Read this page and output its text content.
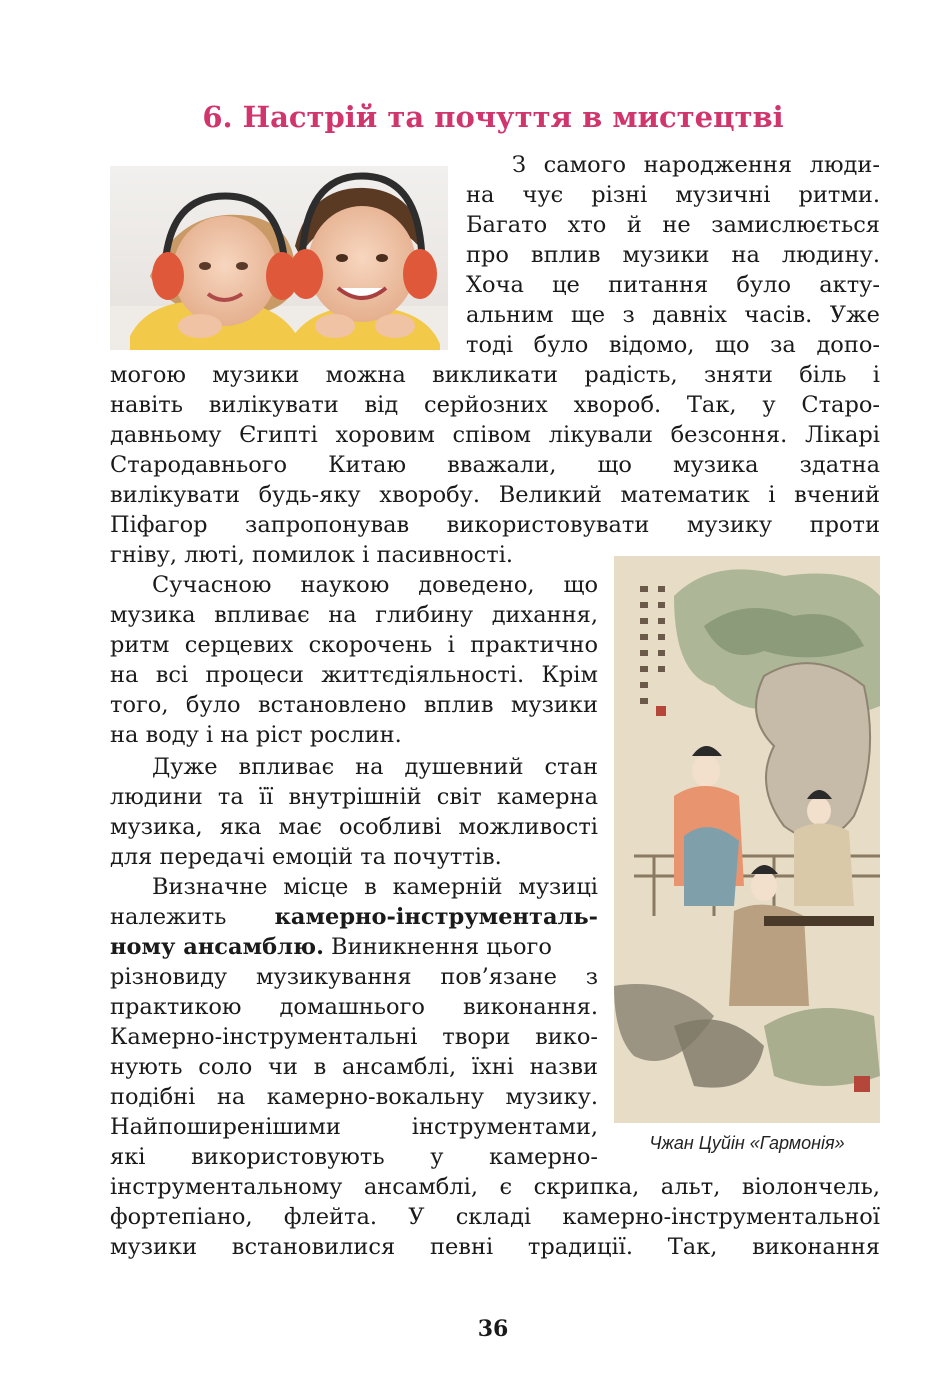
6. Настрій та почуття в мистецтві
З самого народження люди-
на чує різні музичні ритми.
Багато хто й не замислюється
про вплив музики на людину.
Хоча це питання було акту-
альним ще з давніх часів. Уже
тоді було відомо, що за допо-
могою музики можна викликати радість, зняти біль і
навіть вилікувати від серйозних хвороб. Так, у Старо-
давньому Єгипті хоровим співом лікували безсоння. Лікарі
Стародавнього Китаю вважали, що музика здатна
вилікувати будь-яку хворобу. Великий математик і вчений
Піфагор запропонував використовувати музику проти
гніву, люті, помилок і пасивності.
Чжан Цуйін «Гармонія»
Сучасною наукою доведено, що
музика впливає на глибину дихання,
ритм серцевих скорочень і практично
на всі процеси життєдіяльності. Крім
того, було встановлено вплив музики
на воду і на ріст рослин.
Дуже впливає на душевний стан
людини та її внутрішній світ камерна
музика, яка має особливі можливості
для передачі емоцій та почуттів.
Визначне місце в камерній музиці
належить камерно-інструменталь-
ному ансамблю. Виникнення цього
різновиду музикування пов’язане з
практикою домашнього виконання.
Камерно-інструментальні твори вико-
нують соло чи в ансамблі, їхні назви
подібні на камерно-вокальну музику.
Найпоширенішими інструментами,
які використовують у камерно-
інструментальному ансамблі, є скрипка, альт, віолончель,
фортепіано, флейта. У складі камерно-інструментальної
музики встановилися певні традиції. Так, виконання
36
